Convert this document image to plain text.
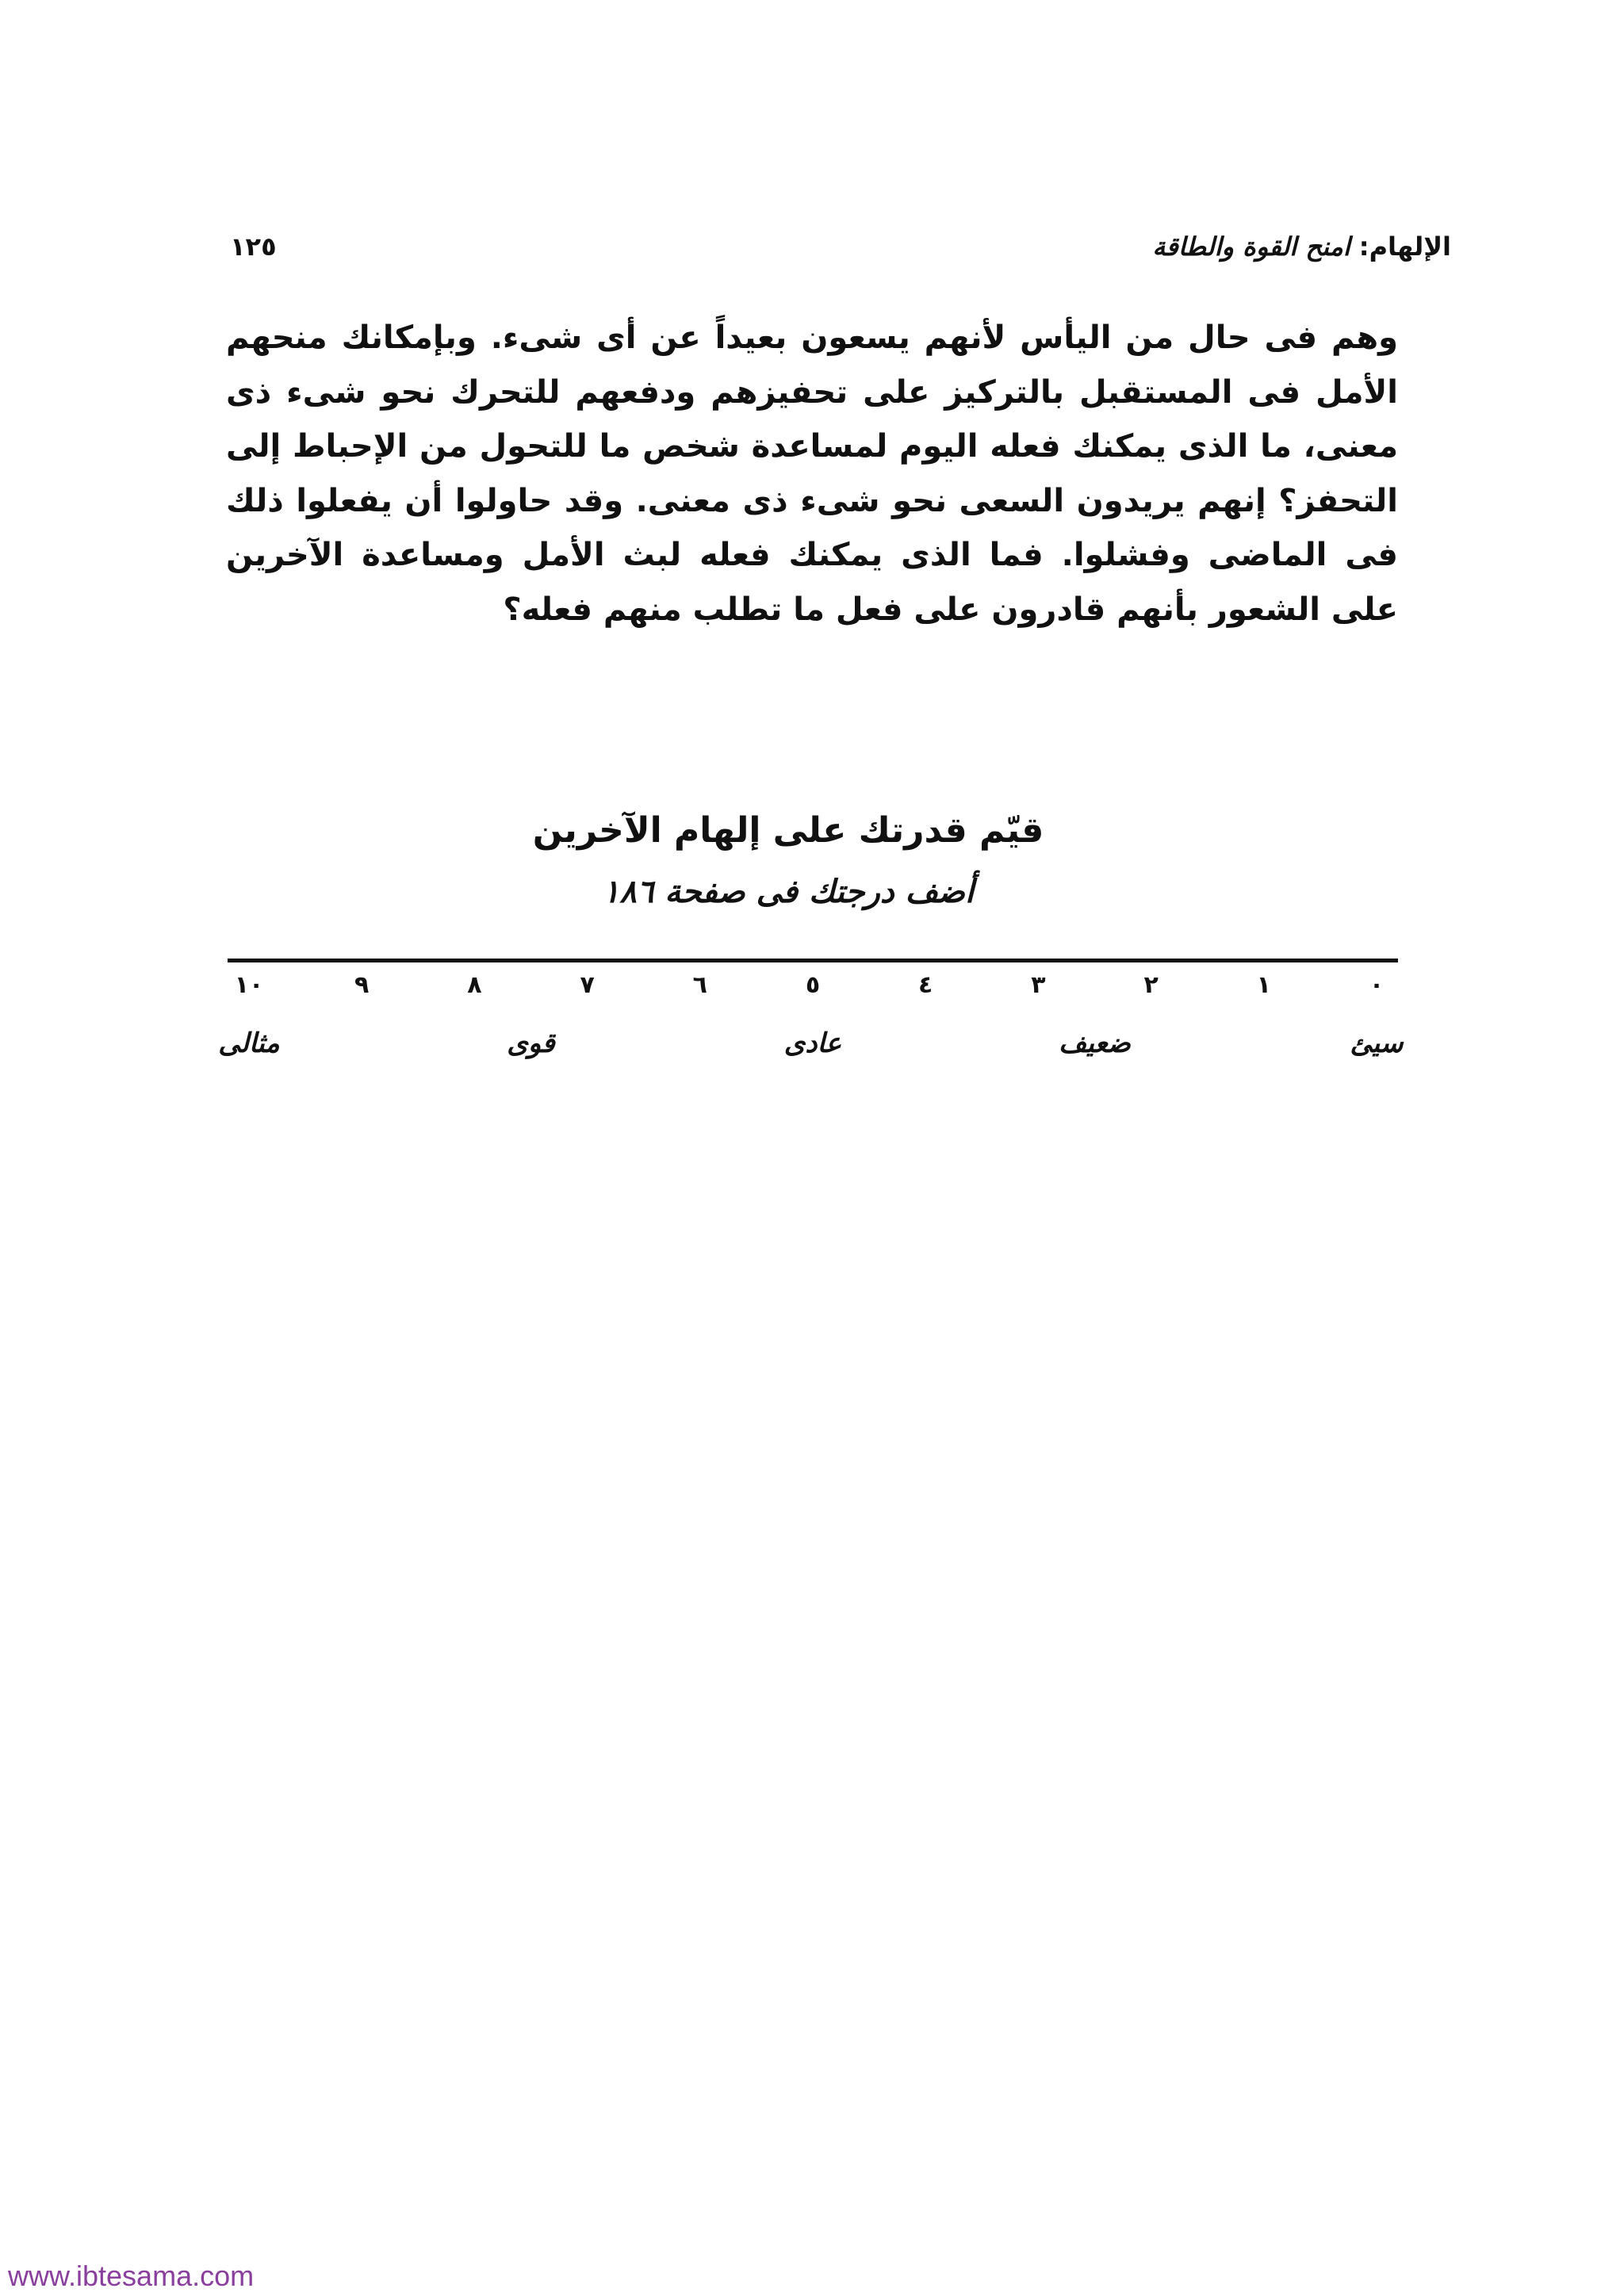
الإلهام: امنح القوة والطاقة
١٢٥
وهم فى حال من اليأس لأنهم يسعون بعيداً عن أى شىء. وبإمكانك منحهم الأمل فى المستقبل بالتركيز على تحفيزهم ودفعهم للتحرك نحو شىء ذى معنى، ما الذى يمكنك فعله اليوم لمساعدة شخص ما للتحول من الإحباط إلى التحفز؟ إنهم يريدون السعى نحو شىء ذى معنى. وقد حاولوا أن يفعلوا ذلك فى الماضى وفشلوا. فما الذى يمكنك فعله لبث الأمل ومساعدة الآخرين على الشعور بأنهم قادرون على فعل ما تطلب منهم فعله؟
قيّم قدرتك على إلهام الآخرين
أضف درجتك فى صفحة ١٨٦
٠
١
٢
٣
٤
٥
٦
٧
٨
٩
١٠
سيئ
ضعيف
عادى
قوى
مثالى
www.ibtesama.com
